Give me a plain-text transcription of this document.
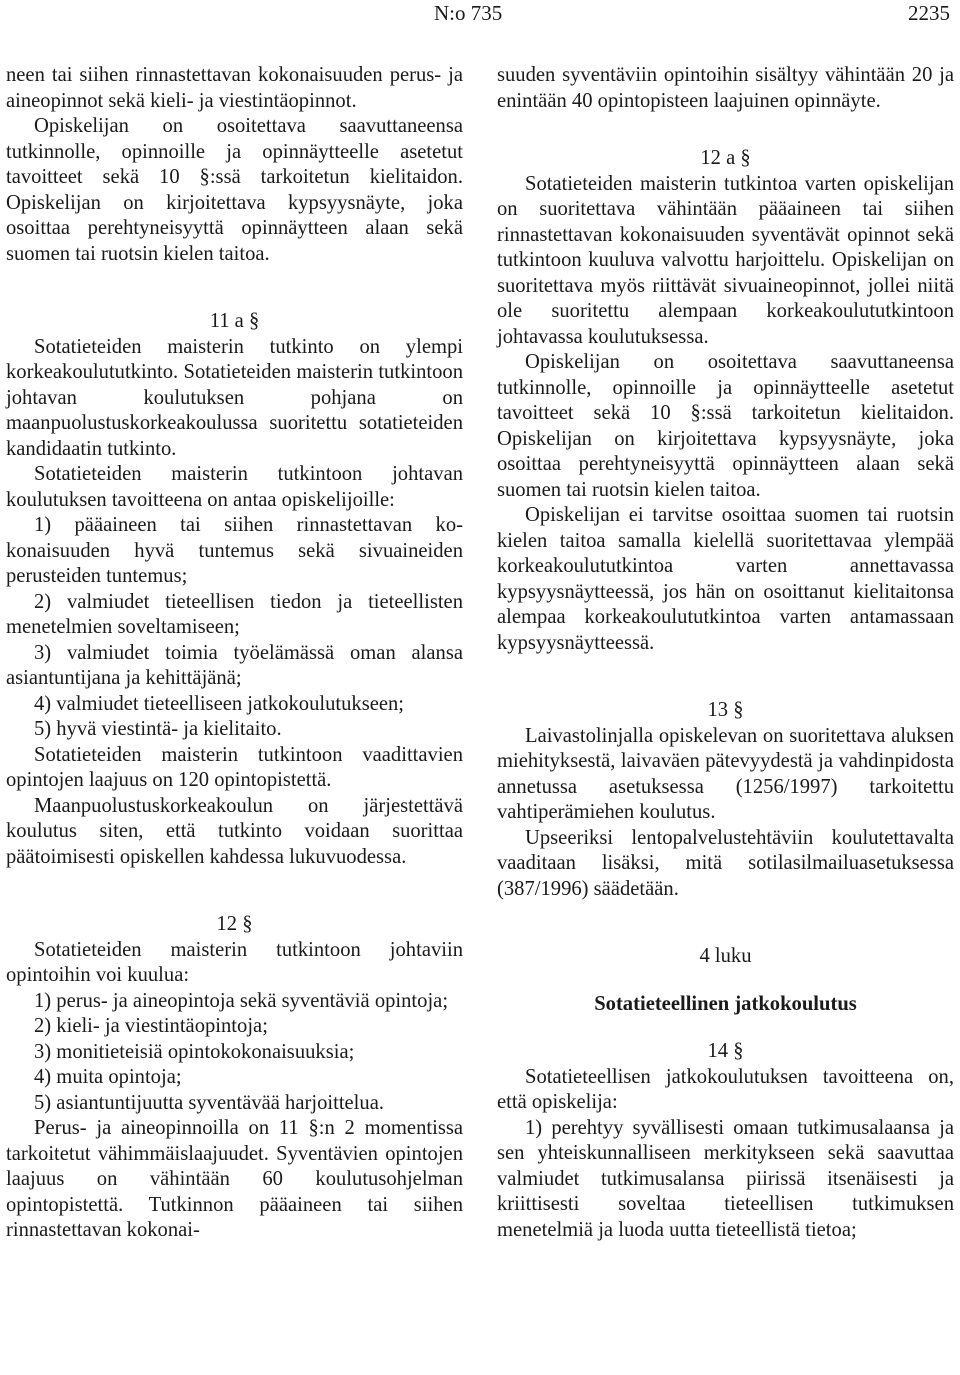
N:o 735	2235

neen tai siihen rinnastettavan kokonaisuuden perus- ja aineopinnot sekä kieli- ja viestintäopinnot.

Opiskelijan on osoitettava saavuttaneensa tutkinnolle, opinnoille ja opinnäytteelle asetetut tavoitteet sekä 10 §:ssä tarkoitetun kielitaidon. Opiskelijan on kirjoitettava kypsyysnäyte, joka osoittaa perehtyneisyyttä opinnäytteen alaan sekä suomen tai ruotsin kielen taitoa.

11 a §

Sotatieteiden maisterin tutkinto on ylempi korkeakoulututkinto. Sotatieteiden maisterin tutkintoon johtavan koulutuksen pohjana on maanpuolustuskorkeakoulussa suoritettu sotatieteiden kandidaatin tutkinto.

Sotatieteiden maisterin tutkintoon johtavan koulutuksen tavoitteena on antaa opiskelijoille:

1) pääaineen tai siihen rinnastettavan kokonaisuuden hyvä tuntemus sekä sivuaineiden perusteiden tuntemus;

2) valmiudet tieteellisen tiedon ja tieteellisten menetelmien soveltamiseen;

3) valmiudet toimia työelämässä oman alansa asiantuntijana ja kehittäjänä;

4) valmiudet tieteelliseen jatkokoulutukseen;

5) hyvä viestintä- ja kielitaito.

Sotatieteiden maisterin tutkintoon vaadittavien opintojen laajuus on 120 opintopistettä.

Maanpuolustuskorkeakoulun on järjestettävä koulutus siten, että tutkinto voidaan suorittaa päätoimisesti opiskellen kahdessa lukuvuodessa.

12 §

Sotatieteiden maisterin tutkintoon johtaviin opintoihin voi kuulua:

1) perus- ja aineopintoja sekä syventäviä opintoja;

2) kieli- ja viestintäopintoja;

3) monitieteisiä opintokokonaisuuksia;

4) muita opintoja;

5) asiantuntijuutta syventävää harjoittelua.

Perus- ja aineopinnoilla on 11 §:n 2 momentissa tarkoitetut vähimmäislaajuudet. Syventävien opintojen laajuus on vähintään 60 koulutusohjelman opintopistettä. Tutkinnon pääaineen tai siihen rinnastettavan kokonai-

suuden syventäviin opintoihin sisältyy vähintään 20 ja enintään 40 opintopisteen laajuinen opinnäyte.

12 a §

Sotatieteiden maisterin tutkintoa varten opiskelijan on suoritettava vähintään pääaineen tai siihen rinnastettavan kokonaisuuden syventävät opinnot sekä tutkintoon kuuluva valvottu harjoittelu. Opiskelijan on suoritettava myös riittävät sivuaineopinnot, jollei niitä ole suoritettu alempaan korkeakoulututkintoon johtavassa koulutuksessa.

Opiskelijan on osoitettava saavuttaneensa tutkinnolle, opinnoille ja opinnäytteelle asetetut tavoitteet sekä 10 §:ssä tarkoitetun kielitaidon. Opiskelijan on kirjoitettava kypsyysnäyte, joka osoittaa perehtyneisyyttä opinnäytteen alaan sekä suomen tai ruotsin kielen taitoa.

Opiskelijan ei tarvitse osoittaa suomen tai ruotsin kielen taitoa samalla kielellä suoritettavaa ylempää korkeakoulututkintoa varten annettavassa kypsyysnäytteessä, jos hän on osoittanut kielitaitonsa alempaa korkeakoulututkintoa varten antamassaan kypsyysnäytteessä.

13 §

Laivastolinjalla opiskelevan on suoritettava aluksen miehityksestä, laivaväen pätevyydestä ja vahdinpidosta annetussa asetuksessa (1256/1997) tarkoitettu vahtiperämiehen koulutus.

Upseeriksi lentopalvelustehtäviin koulutettavalta vaaditaan lisäksi, mitä sotilasilmailuasetuksessa (387/1996) säädetään.

4 luku

Sotatieteellinen jatkokoulutus

14 §

Sotatieteellisen jatkokoulutuksen tavoitteena on, että opiskelija:

1) perehtyy syvällisesti omaan tutkimusalaansa ja sen yhteiskunnalliseen merkitykseen sekä saavuttaa valmiudet tutkimusalansa piirissä itsenäisesti ja kriittisesti soveltaa tieteellisen tutkimuksen menetelmiä ja luoda uutta tieteellistä tietoa;
